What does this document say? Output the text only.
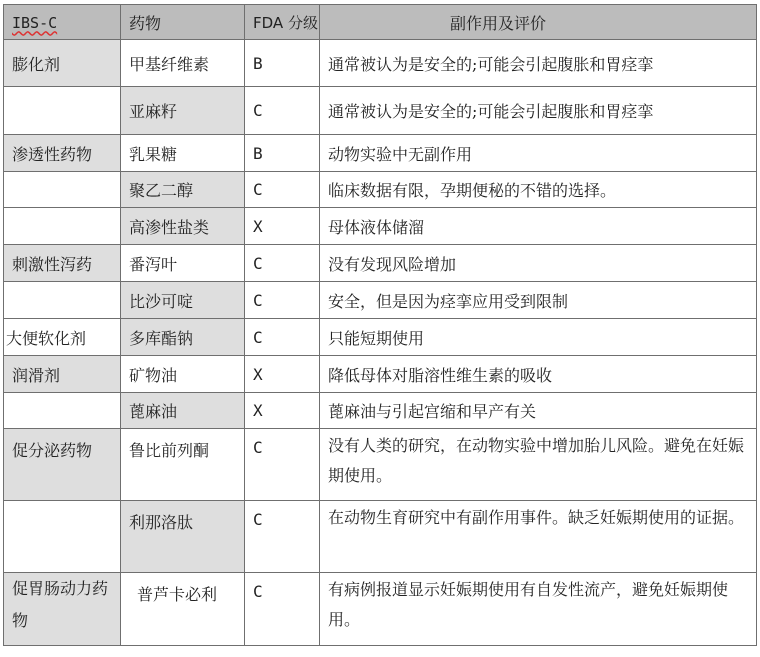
IBS-C	药物	FDA 分级	副作用及评价
膨化剂	甲基纤维素	B	通常被认为是安全的;可能会引起腹胀和胃痉挛
	亚麻籽	C	通常被认为是安全的;可能会引起腹胀和胃痉挛
渗透性药物	乳果糖	B	动物实验中无副作用
	聚乙二醇	C	临床数据有限，孕期便秘的不错的选择。
	高渗性盐类	X	母体液体储溜
刺激性泻药	番泻叶	C	没有发现风险增加
	比沙可啶	C	安全，但是因为痉挛应用受到限制
大便软化剂	多库酯钠	C	只能短期使用
润滑剂	矿物油	X	降低母体对脂溶性维生素的吸收
	蓖麻油	X	蓖麻油与引起宫缩和早产有关
促分泌药物	鲁比前列酮	C	没有人类的研究，在动物实验中增加胎儿风险。避免在妊娠期使用。
	利那洛肽	C	在动物生育研究中有副作用事件。缺乏妊娠期使用的证据。
促胃肠动力药物	普芦卡必利	C	有病例报道显示妊娠期使用有自发性流产，避免妊娠期使用。
